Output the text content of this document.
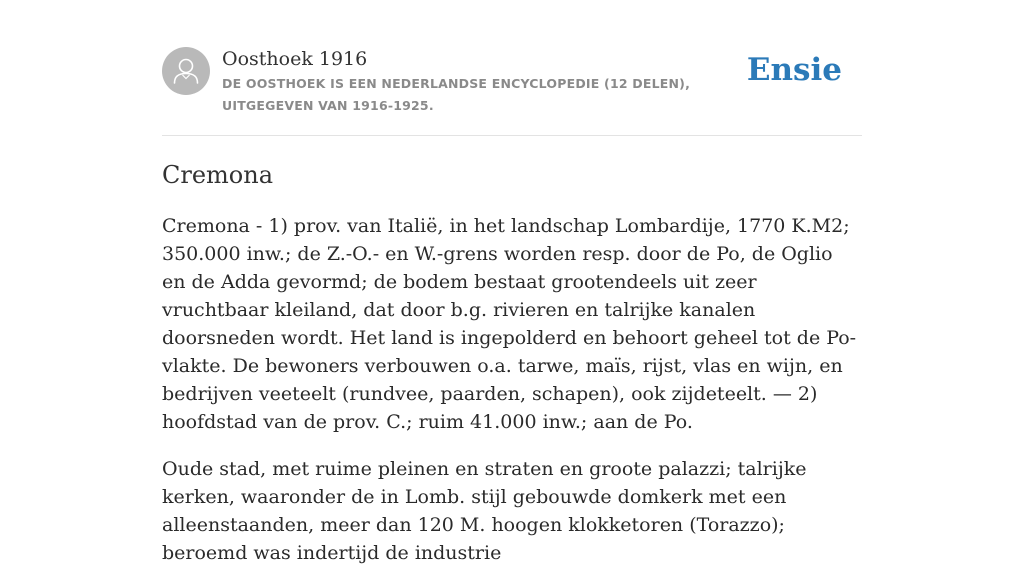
Oosthoek 1916
DE OOSTHOEK IS EEN NEDERLANDSE ENCYCLOPEDIE (12 DELEN), UITGEGEVEN VAN 1916-1925.
Ensie
Cremona

Cremona - 1) prov. van Italië, in het landschap Lombardije, 1770 K.M2; 350.000 inw.; de Z.-O.- en W.-grens worden resp. door de Po, de Oglio en de Adda gevormd; de bodem bestaat grootendeels uit zeer vruchtbaar kleiland, dat door b.g. rivieren en talrijke kanalen doorsneden wordt. Het land is ingepolderd en behoort geheel tot de Po-vlakte. De bewoners verbouwen o.a. tarwe, maïs, rijst, vlas en wijn, en bedrijven veeteelt (rundvee, paarden, schapen), ook zijdeteelt. — 2) hoofdstad van de prov. C.; ruim 41.000 inw.; aan de Po.

Oude stad, met ruime pleinen en straten en groote palazzi; talrijke kerken, waaronder de in Lomb. stijl gebouwde domkerk met een alleenstaanden, meer dan 120 M. hoogen klokketoren (Torazzo); beroemd was indertijd de industrie
